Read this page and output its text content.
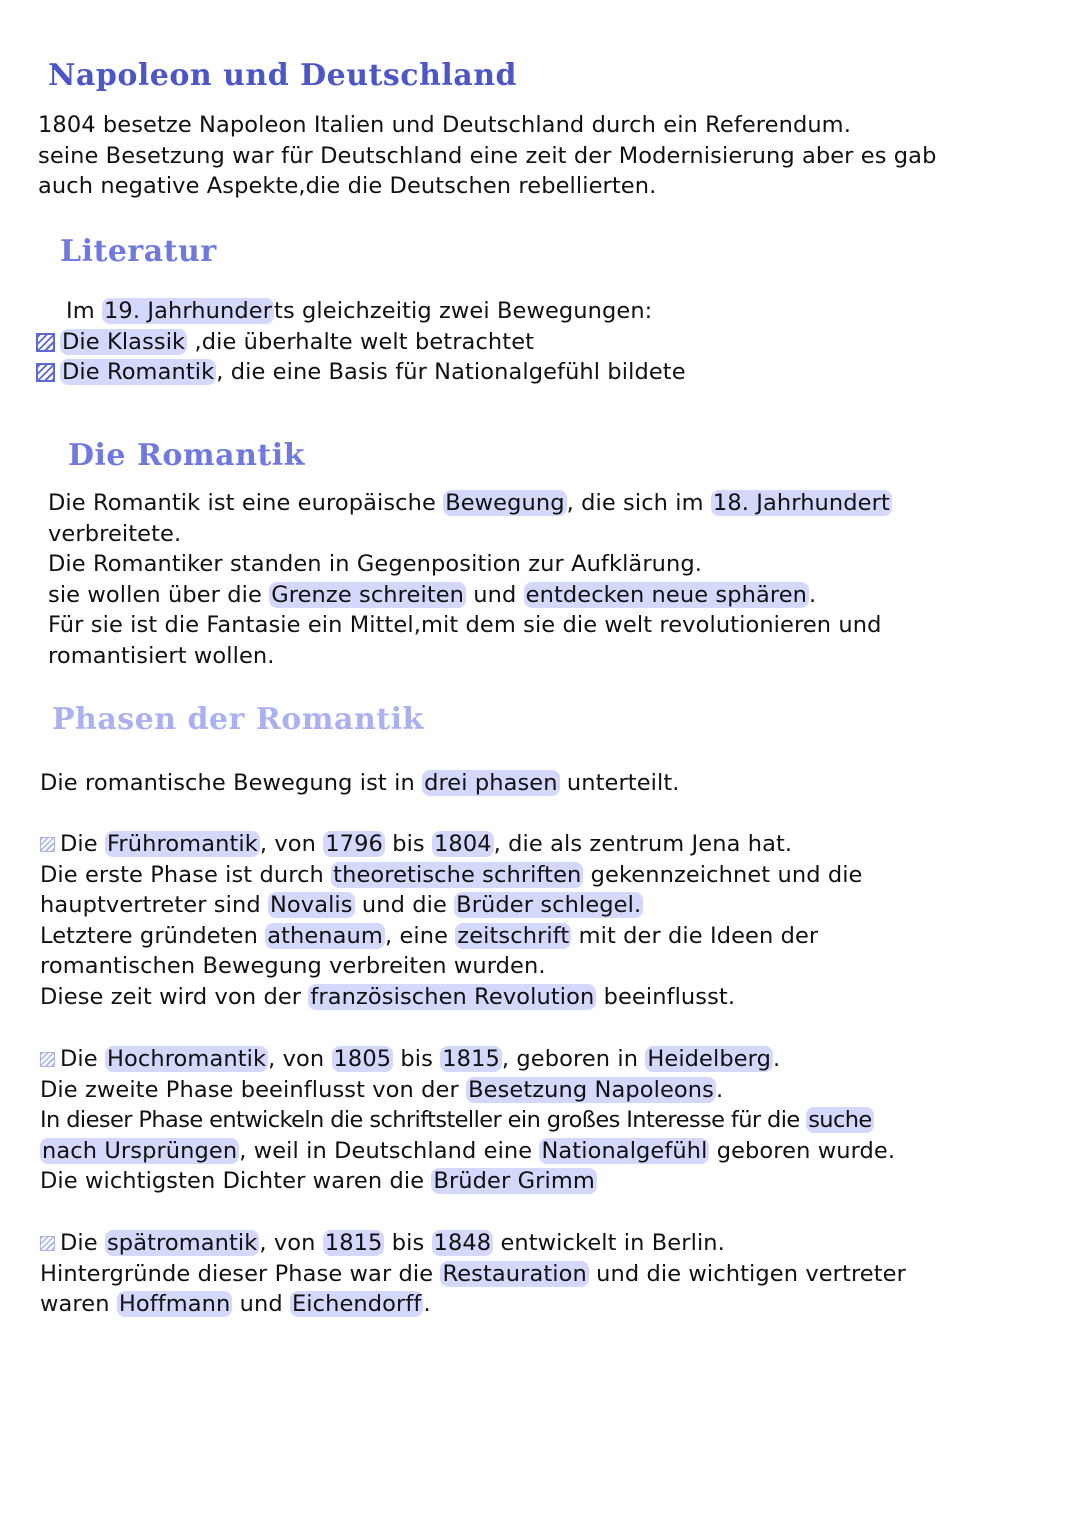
Napoleon und Deutschland
1804 besetze Napoleon Italien und Deutschland durch ein Referendum.
seine Besetzung war für Deutschland eine zeit der Modernisierung aber es gab
auch negative Aspekte,die die Deutschen rebellierten.
Literatur
Im 19. Jahrhunderts gleichzeitig zwei Bewegungen:
Die Klassik ,die überhalte welt betrachtet
Die Romantik, die eine Basis für Nationalgefühl bildete
Die Romantik
Die Romantik ist eine europäische Bewegung, die sich im 18. Jahrhundert
verbreitete.
Die Romantiker standen in Gegenposition zur Aufklärung.
sie wollen über die Grenze schreiten und entdecken neue sphären.
Für sie ist die Fantasie ein Mittel,mit dem sie die welt revolutionieren und
romantisiert wollen.
Phasen der Romantik
Die romantische Bewegung ist in drei phasen unterteilt.
Die Frühromantik, von 1796 bis 1804, die als zentrum Jena hat.
Die erste Phase ist durch theoretische schriften gekennzeichnet und die
hauptvertreter sind Novalis und die Brüder schlegel.
Letztere gründeten athenaum, eine zeitschrift mit der die Ideen der
romantischen Bewegung verbreiten wurden.
Diese zeit wird von der französischen Revolution beeinflusst.
Die Hochromantik, von 1805 bis 1815, geboren in Heidelberg.
Die zweite Phase beeinflusst von der Besetzung Napoleons.
In dieser Phase entwickeln die schriftsteller ein großes Interesse für die suche
nach Ursprüngen, weil in Deutschland eine Nationalgefühl geboren wurde.
Die wichtigsten Dichter waren die Brüder Grimm
Die spätromantik, von 1815 bis 1848 entwickelt in Berlin.
Hintergründe dieser Phase war die Restauration und die wichtigen vertreter
waren Hoffmann und Eichendorff.
